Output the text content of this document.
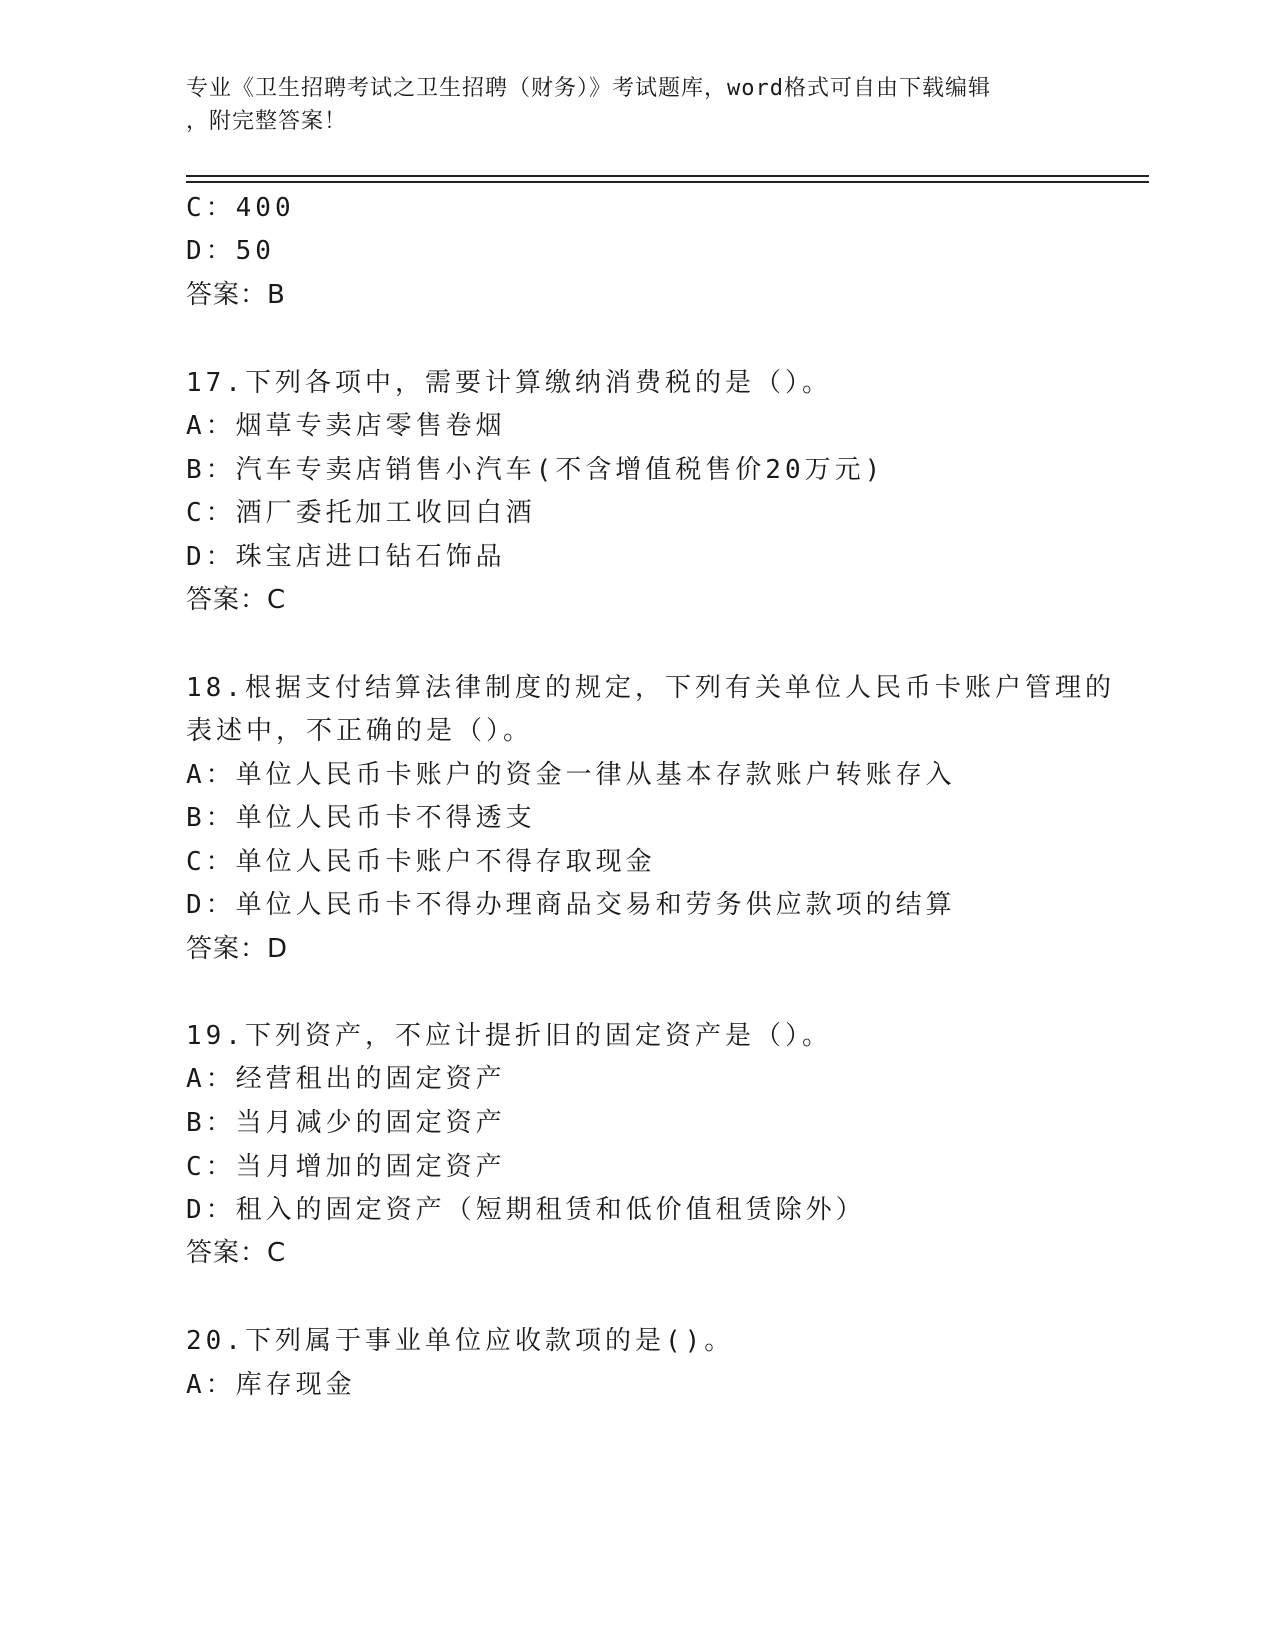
专业《卫生招聘考试之卫生招聘（财务）》考试题库，word格式可自由下载编辑
，附完整答案！
C：400
D：50
答案：B
17.下列各项中，需要计算缴纳消费税的是（）。
A：烟草专卖店零售卷烟
B：汽车专卖店销售小汽车(不含增值税售价20万元)
C：酒厂委托加工收回白酒
D：珠宝店进口钻石饰品
答案：C
18.根据支付结算法律制度的规定，下列有关单位人民币卡账户管理的
表述中，不正确的是（）。
A：单位人民币卡账户的资金一律从基本存款账户转账存入
B：单位人民币卡不得透支
C：单位人民币卡账户不得存取现金
D：单位人民币卡不得办理商品交易和劳务供应款项的结算
答案：D
19.下列资产，不应计提折旧的固定资产是（）。
A：经营租出的固定资产
B：当月减少的固定资产
C：当月增加的固定资产
D：租入的固定资产（短期租赁和低价值租赁除外）
答案：C
20.下列属于事业单位应收款项的是()。
A：库存现金
